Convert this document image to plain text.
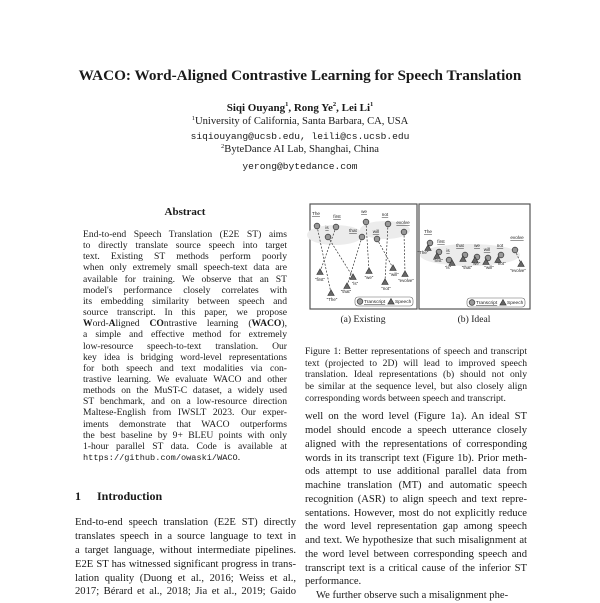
WACO: Word-Aligned Contrastive Learning for Speech Translation
Siqi Ouyang$^1$, Rong Ye$^2$, Lei Li$^1$
$^1$University of California, Santa Barbara, CA, USA
siqiouyang@ucsb.edu, leili@cs.ucsb.edu
$^2$ByteDance AI Lab, Shanghai, China
yerong@bytedance.com
Abstract
End-to-end Speech Translation (E2E ST) aims
to directly translate source speech into target
text. Existing ST methods perform poorly
when only extremely small speech-text data are
available for training. We observe that an ST
model's performance closely correlates with
its embedding similarity between speech and
source transcript. In this paper, we propose
Word-Aligned COntrastive learning (WACO),
a simple and effective method for extremely
low-resource speech-to-text translation. Our
key idea is bridging word-level representations
for both speech and text modalities via con-
trastive learning. We evaluate WACO and other
methods on the MuST-C dataset, a widely used
ST benchmark, and on a low-resource direction
Maltese-English from IWSLT 2023. Our exper-
iments demonstrate that WACO outperforms
the best baseline by 9+ BLEU points with only
1-hour parallel ST data. Code is available at
https://github.com/owaski/WACO.
1 Introduction
End-to-end speech translation (E2E ST) directly
translates speech in a source language to text in
a target language, without intermediate pipelines.
E2E ST has witnessed significant progress in trans-
lation quality (Duong et al., 2016; Weiss et al.,
2017; Bérard et al., 2018; Jia et al., 2019; Gaido
The
"The"
first
"first"
is
"is"
that
"that"
we
"we"
will
"will"
not
"not"
evolve
"evolve"
Transcript Speech
The
"The"
first
"first"
is
"is"
that
"that"
we
"we"
will
"will"
not
"not"
evolve
"evolve"
Transcript Speech
(a) Existing	(b) Ideal
Figure 1: Better representations of speech and transcript
text (projected to 2D) will lead to improved speech
translation. Ideal representations (b) should not only
be similar at the sequence level, but also closely align
corresponding words between speech and transcript.
well on the word level (Figure 1a). An ideal ST
model should encode a speech utterance closely
aligned with the representations of corresponding
words in its transcript text (Figure 1b). Prior meth-
ods attempt to use additional parallel data from
machine translation (MT) and automatic speech
recognition (ASR) to align speech and text repre-
sentations. However, most do not explicitly reduce
the word level representation gap among speech
and text. We hypothesize that such misalignment at
the word level between corresponding speech and
transcript text is a critical cause of the inferior ST
performance.
We further observe such a misalignment phe-
